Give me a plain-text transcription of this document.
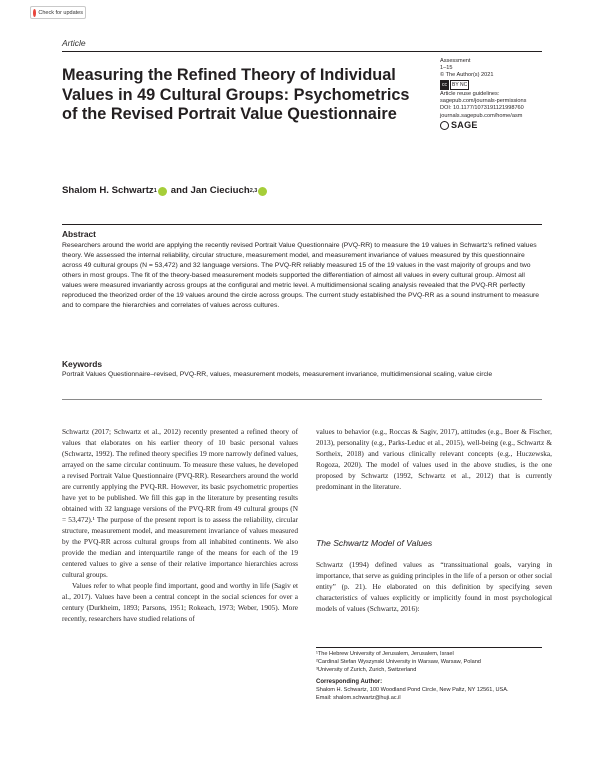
Check for updates
Article
Measuring the Refined Theory of Individual Values in 49 Cultural Groups: Psychometrics of the Revised Portrait Value Questionnaire
Assessment
1–15
© The Author(s) 2021
cc	BY NC
Article reuse guidelines:
sagepub.com/journals-permissions
DOI: 10.1177/1073191121998760
journals.sagepub.com/home/asm
SAGE
Shalom H. Schwartz 1 and
Jan Cieciuch 2,3
Abstract
Researchers around the world are applying the recently revised Portrait Value Questionnaire (PVQ-RR) to measure the 19 values in Schwartz’s refined values theory. We assessed the internal reliability, circular structure, measurement model, and measurement invariance of values measured by this questionnaire across 49 cultural groups (N = 53,472) and 32 language versions. The PVQ-RR reliably measured 15 of the 19 values in the vast majority of groups and two others in most groups. The fit of the theory-based measurement models supported the differentiation of almost all values in every cultural group. Almost all values were measured invariantly across groups at the configural and metric level. A multidimensional scaling analysis revealed that the PVQ-RR perfectly reproduced the theorized order of the 19 values around the circle across groups. The current study established the PVQ-RR as a sound instrument to measure and to compare the hierarchies and correlates of values across cultures.
Keywords
Portrait Values Questionnaire–revised, PVQ-RR, values, measurement models, measurement invariance, multidimensional scaling, value circle

Schwartz (2017; Schwartz et al., 2012) recently presented a refined theory of values that elaborates on his earlier theory of 10 basic personal values (Schwartz, 1992). The refined theory specifies 19 more narrowly defined values, arrayed on the same circular continuum. To measure these values, he developed a revised Portrait Value Questionnaire (PVQ-RR). Researchers around the world are currently applying the PVQ-RR. However, its basic psychometric properties have yet to be published. We fill this gap in the literature by presenting results obtained with 32 language versions of the PVQ-RR from 49 cultural groups (N = 53,472).¹ The purpose of the present report is to assess the reliability, circular structure, measurement model, and measurement invariance of values measured by the PVQ-RR across cultural groups from all inhabited continents. We also provide the median and interquartile range of the means for each of the 19 centered values to give a sense of their relative importance hierarchies across cultural groups.

Values refer to what people find important, good and worthy in life (Sagiv et al., 2017). Values have been a central concept in the social sciences for over a century (Durkheim, 1893; Parsons, 1951; Rokeach, 1973; Weber, 1905). More recently, researchers have studied relations of

values to behavior (e.g., Roccas & Sagiv, 2017), attitudes (e.g., Boer & Fischer, 2013), personality (e.g., Parks-Leduc et al., 2015), well-being (e.g., Schwartz & Sortheix, 2018) and various clinically relevant concepts (e.g., Huczewska, Rogoza, 2020). The model of values used in the above studies, is the one proposed by Schwartz (1992, Schwartz et al., 2012) that is currently predominant in the literature.

The Schwartz Model of Values

Schwartz (1994) defined values as “transsituational goals, varying in importance, that serve as guiding principles in the life of a person or other social entity” (p. 21). He elaborated on this definition by specifying seven characteristics of values explicitly or implicitly found in most psychological models of values (Schwartz, 2016):

¹The Hebrew University of Jerusalem, Jerusalem, Israel
²Cardinal Stefan Wyszynski University in Warsaw, Warsaw, Poland
³University of Zurich, Zurich, Switzerland
Corresponding Author:
Shalom H. Schwartz, 100 Woodland Pond Circle, New Paltz, NY 12561, USA.
Email: shalom.schwartz@huji.ac.il
